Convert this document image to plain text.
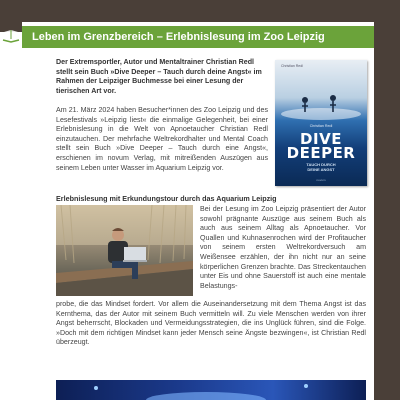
Leben im Grenzbereich – Erlebnislesung im Zoo Leipzig

Der Extremsportler, Autor und Mentaltrainer Christian Redl stellt sein Buch »Dive Deeper – Tauch durch deine Angst« im Rahmen der Leipziger Buchmesse bei einer Lesung der tierischen Art vor.

Am 21. März 2024 haben Besucher*innen des Zoo Leipzig und des Lesefestivals »Leipzig liest« die einmalige Gelegenheit, bei einer Erlebnislesung in die Welt von Apnoetaucher Christian Redl einzutauchen. Der mehrfache Weltrekordhalter und Mental Coach stellt sein Buch »Dive Deeper – Tauch durch eine Angst«, erschienen im novum Verlag, mit mitreißenden Auszügen aus seinem Leben unter Wasser im Aquarium Leipzig vor.

Christian Redl
Christian Redl
DIVE
DEEPER
TAUCH DURCH
DEINE ANGST
novum
Erlebnislesung mit Erkundungstour durch das Aquarium Leipzig

Bei der Lesung im Zoo Leipzig präsentiert der Autor sowohl prägnante Auszüge aus seinem Buch als auch aus seinem Alltag als Apnoetaucher. Vor Quallen und Kuhnasenrochen wird der Profitaucher von seinem ersten Weltrekordversuch am Weißensee erzählen, der ihn nicht nur an seine körperlichen Grenzen brachte. Das Streckentauchen unter Eis und ohne Sauerstoff ist auch eine mentale Belastungs-

probe, die das Mindset fordert. Vor allem die Auseinandersetzung mit dem Thema Angst ist das Kernthema, das der Autor mit seinem Buch vermitteln will. Zu viele Menschen werden von ihrer Angst beherrscht, Blockaden und Vermeidungsstrategien, die ins Unglück führen, sind die Folge. »Doch mit dem richtigen Mindset kann jeder Mensch seine Ängste bezwingen«, ist Christian Redl überzeugt.
